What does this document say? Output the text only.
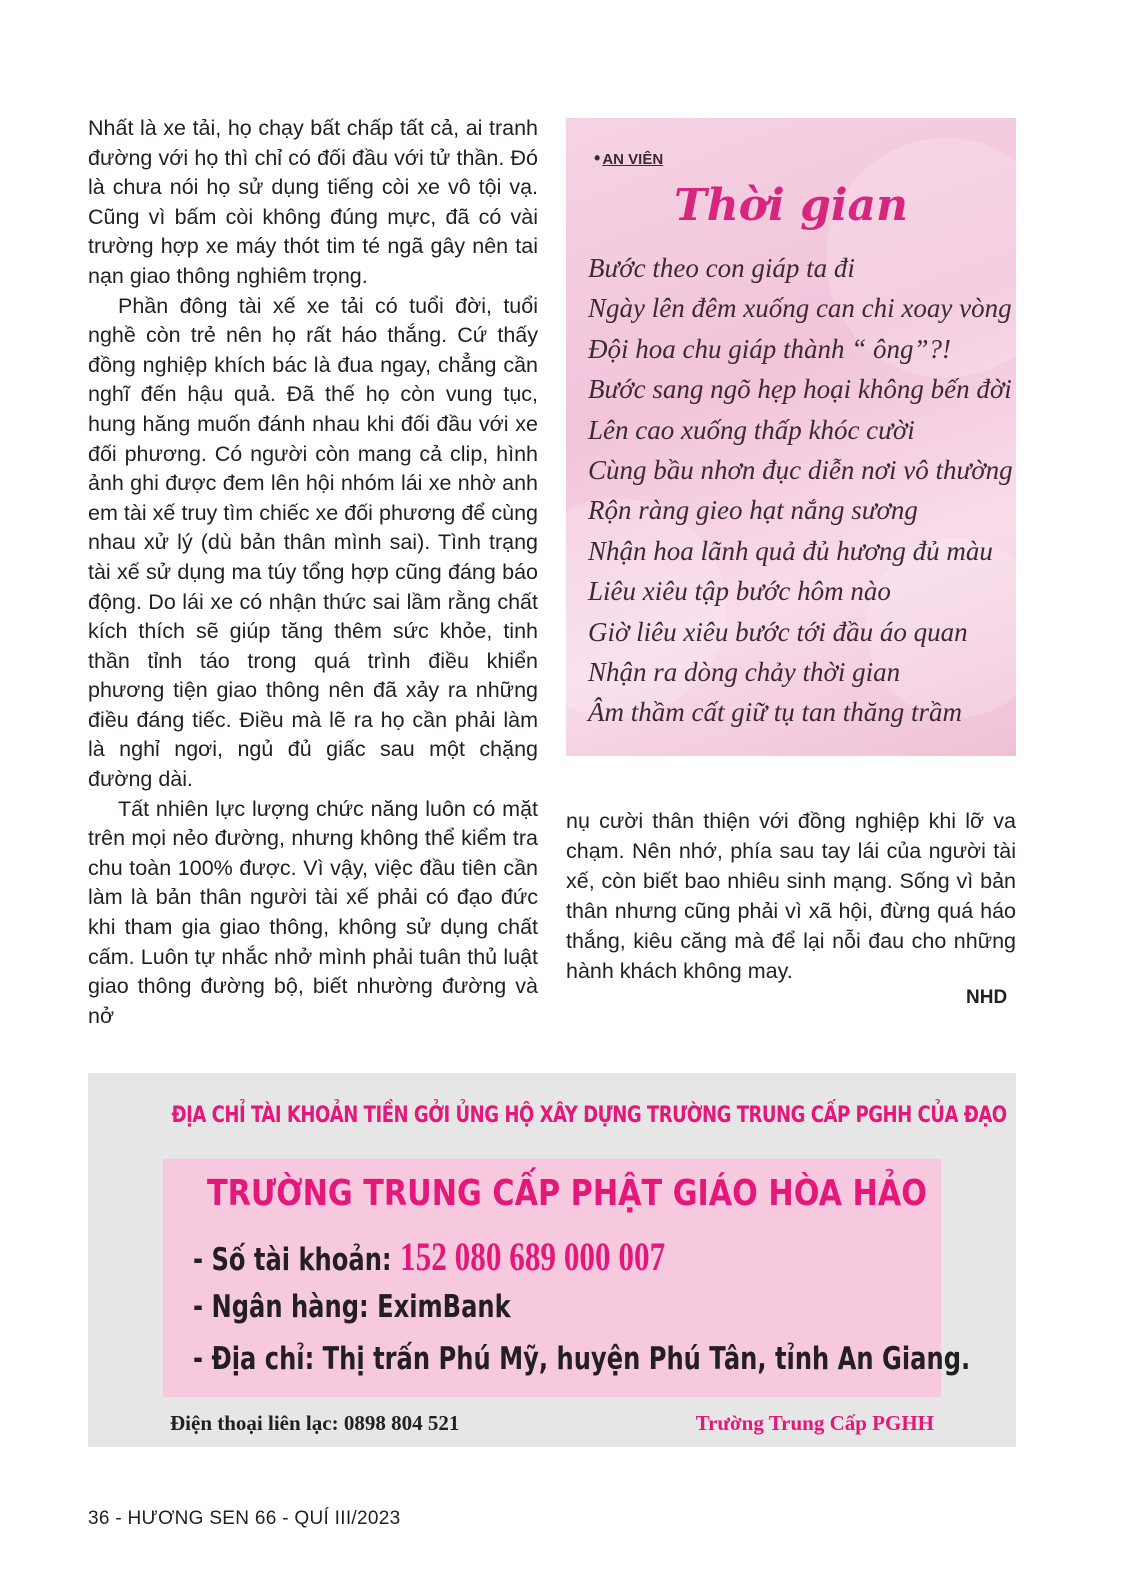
Nhất là xe tải, họ chạy bất chấp tất cả, ai tranh đường với họ thì chỉ có đối đầu với tử thần. Đó là chưa nói họ sử dụng tiếng còi xe vô tội vạ. Cũng vì bấm còi không đúng mực, đã có vài trường hợp xe máy thót tim té ngã gây nên tai nạn giao thông nghiêm trọng.

Phần đông tài xế xe tải có tuổi đời, tuổi nghề còn trẻ nên họ rất háo thắng. Cứ thấy đồng nghiệp khích bác là đua ngay, chẳng cần nghĩ đến hậu quả. Đã thế họ còn vung tục, hung hăng muốn đánh nhau khi đối đầu với xe đối phương. Có người còn mang cả clip, hình ảnh ghi được đem lên hội nhóm lái xe nhờ anh em tài xế truy tìm chiếc xe đối phương để cùng nhau xử lý (dù bản thân mình sai). Tình trạng tài xế sử dụng ma túy tổng hợp cũng đáng báo động. Do lái xe có nhận thức sai lầm rằng chất kích thích sẽ giúp tăng thêm sức khỏe, tinh thần tỉnh táo trong quá trình điều khiển phương tiện giao thông nên đã xảy ra những điều đáng tiếc. Điều mà lẽ ra họ cần phải làm là nghỉ ngơi, ngủ đủ giấc sau một chặng đường dài.

Tất nhiên lực lượng chức năng luôn có mặt trên mọi nẻo đường, nhưng không thể kiểm tra chu toàn 100% được. Vì vậy, việc đầu tiên cần làm là bản thân người tài xế phải có đạo đức khi tham gia giao thông, không sử dụng chất cấm. Luôn tự nhắc nhở mình phải tuân thủ luật giao thông đường bộ, biết nhường đường và nở

• AN VIÊN
Thời gian
Bước theo con giáp ta đi
Ngày lên đêm xuống can chi xoay vòng
Đội hoa chu giáp thành “ ông”?!
Bước sang ngõ hẹp hoại không bến đời
Lên cao xuống thấp khóc cười
Cùng bầu nhơn đục diễn nơi vô thường
Rộn ràng gieo hạt nắng sương
Nhận hoa lãnh quả đủ hương đủ màu
Liêu xiêu tập bước hôm nào
Giờ liêu xiêu bước tới đầu áo quan
Nhận ra dòng chảy thời gian
Âm thầm cất giữ tụ tan thăng trầm

nụ cười thân thiện với đồng nghiệp khi lỡ va chạm. Nên nhớ, phía sau tay lái của người tài xế, còn biết bao nhiêu sinh mạng. Sống vì bản thân nhưng cũng phải vì xã hội, đừng quá háo thắng, kiêu căng mà để lại nỗi đau cho những hành khách không may.

NHD
ĐỊA CHỈ TÀI KHOẢN TIỀN GỞI ỦNG HỘ XÂY DỰNG TRƯỜNG TRUNG CẤP PGHH CỦA ĐẠO
TRƯỜNG TRUNG CẤP PHẬT GIÁO HÒA HẢO
- Số tài khoản: 152 080 689 000 007
- Ngân hàng: EximBank
- Địa chỉ: Thị trấn Phú Mỹ, huyện Phú Tân, tỉnh An Giang.
Điện thoại liên lạc: 0898 804 521	Trường Trung Cấp PGHH
36 - HƯƠNG SEN 66 - QUÍ III/2023
